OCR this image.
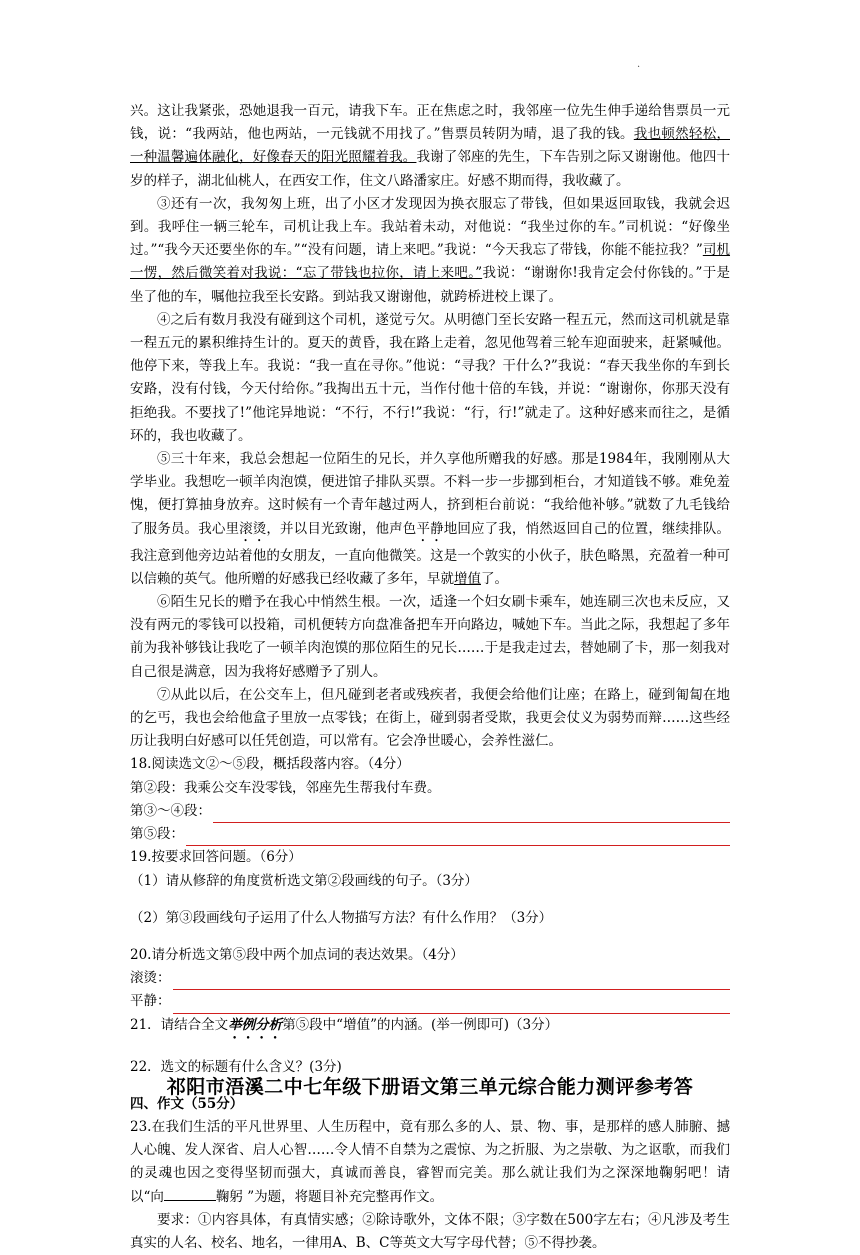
·

兴。这让我紧张，恐她退我一百元，请我下车。正在焦虑之时，我邻座一位先生伸手递给售票员一元钱，说：“我两站，他也两站，一元钱就不用找了。”售票员转阴为晴，退了我的钱。我也顿然轻松，一种温馨遍体融化，好像春天的阳光照耀着我。我谢了邻座的先生，下车告别之际又谢谢他。他四十岁的样子，湖北仙桃人，在西安工作，住文八路潘家庄。好感不期而得，我收藏了。

③还有一次，我匆匆上班，出了小区才发现因为换衣服忘了带钱，但如果返回取钱，我就会迟到。我呼住一辆三轮车，司机让我上车。我站着未动，对他说：“我坐过你的车。”司机说：“好像坐过。”“我今天还要坐你的车。”“没有问题，请上来吧。”我说：“今天我忘了带钱，你能不能拉我？”司机一愣，然后微笑着对我说：“忘了带钱也拉你，请上来吧。”我说：“谢谢你!我肯定会付你钱的。”于是坐了他的车，嘱他拉我至长安路。到站我又谢谢他，就跨桥进校上课了。

④之后有数月我没有碰到这个司机，遂觉亏欠。从明德门至长安路一程五元，然而这司机就是靠一程五元的累积维持生计的。夏天的黄昏，我在路上走着，忽见他驾着三轮车迎面驶来，赶紧喊他。他停下来，等我上车。我说：“我一直在寻你。”他说：“寻我？干什么?”我说：“春天我坐你的车到长安路，没有付钱，今天付给你。”我掏出五十元，当作付他十倍的车钱，并说：“谢谢你，你那天没有拒绝我。不要找了!”他诧异地说：“不行，不行!”我说：“行，行!”就走了。这种好感来而往之，是循环的，我也收藏了。

⑤三十年来，我总会想起一位陌生的兄长，并久享他所赠我的好感。那是1984年，我刚刚从大学毕业。我想吃一顿羊肉泡馍，便进馆子排队买票。不料一步一步挪到柜台，才知道钱不够。难免羞愧，便打算抽身放弃。这时候有一个青年越过两人，挤到柜台前说：“我给他补够。”就数了九毛钱给了服务员。我心里滚烫，并以目光致谢，他声色平静地回应了我，悄然返回自己的位置，继续排队。我注意到他旁边站着他的女朋友，一直向他微笑。这是一个敦实的小伙子，肤色略黑，充盈着一种可以信赖的英气。他所赠的好感我已经收藏了多年，早就增值了。

⑥陌生兄长的赠予在我心中悄然生根。一次，适逢一个妇女刷卡乘车，她连刷三次也未反应，又没有两元的零钱可以投箱，司机便转方向盘准备把车开向路边，喊她下车。当此之际，我想起了多年前为我补够钱让我吃了一顿羊肉泡馍的那位陌生的兄长……于是我走过去，替她刷了卡，那一刻我对自己很是满意，因为我将好感赠予了别人。

⑦从此以后，在公交车上，但凡碰到老者或残疾者，我便会给他们让座；在路上，碰到匍匐在地的乞丐，我也会给他盒子里放一点零钱；在街上，碰到弱者受欺，我更会仗义为弱势而辩……这些经历让我明白好感可以任凭创造，可以常有。它会净世暖心，会养性滋仁。

18.阅读选文②～⑤段，概括段落内容。（4分）

第②段：我乘公交车没零钱，邻座先生帮我付车费。

第③～④段：
第⑤段：

19.按要求回答问题。（6分）

（1）请从修辞的角度赏析选文第②段画线的句子。（3分）

（2）第③段画线句子运用了什么人物描写方法？有什么作用？（3分）

20.请分析选文第⑤段中两个加点词的表达效果。（4分）

滚烫：
平静：

21．请结合全文举例分析第⑤段中“增值”的内涵。(举一例即可)（3分）

22．选文的标题有什么含义？(3分)

四、作文（55分）

23.在我们生活的平凡世界里、人生历程中，竟有那么多的人、景、物、事，是那样的感人肺腑、撼人心魄、发人深省、启人心智……令人情不自禁为之震惊、为之折服、为之崇敬、为之讴歌，而我们的灵魂也因之变得坚韧而强大，真诚而善良，睿智而完美。那么就让我们为之深深地鞠躬吧！请以“向	鞠躬 ”为题，将题目补充完整再作文。

要求：①内容具体，有真情实感；②除诗歌外，文体不限；③字数在500字左右；④凡涉及考生真实的人名、校名、地名，一律用A、B、C等英文大写字母代替；⑤不得抄袭。

祁阳市浯溪二中七年级下册语文第三单元综合能力测评参考答
